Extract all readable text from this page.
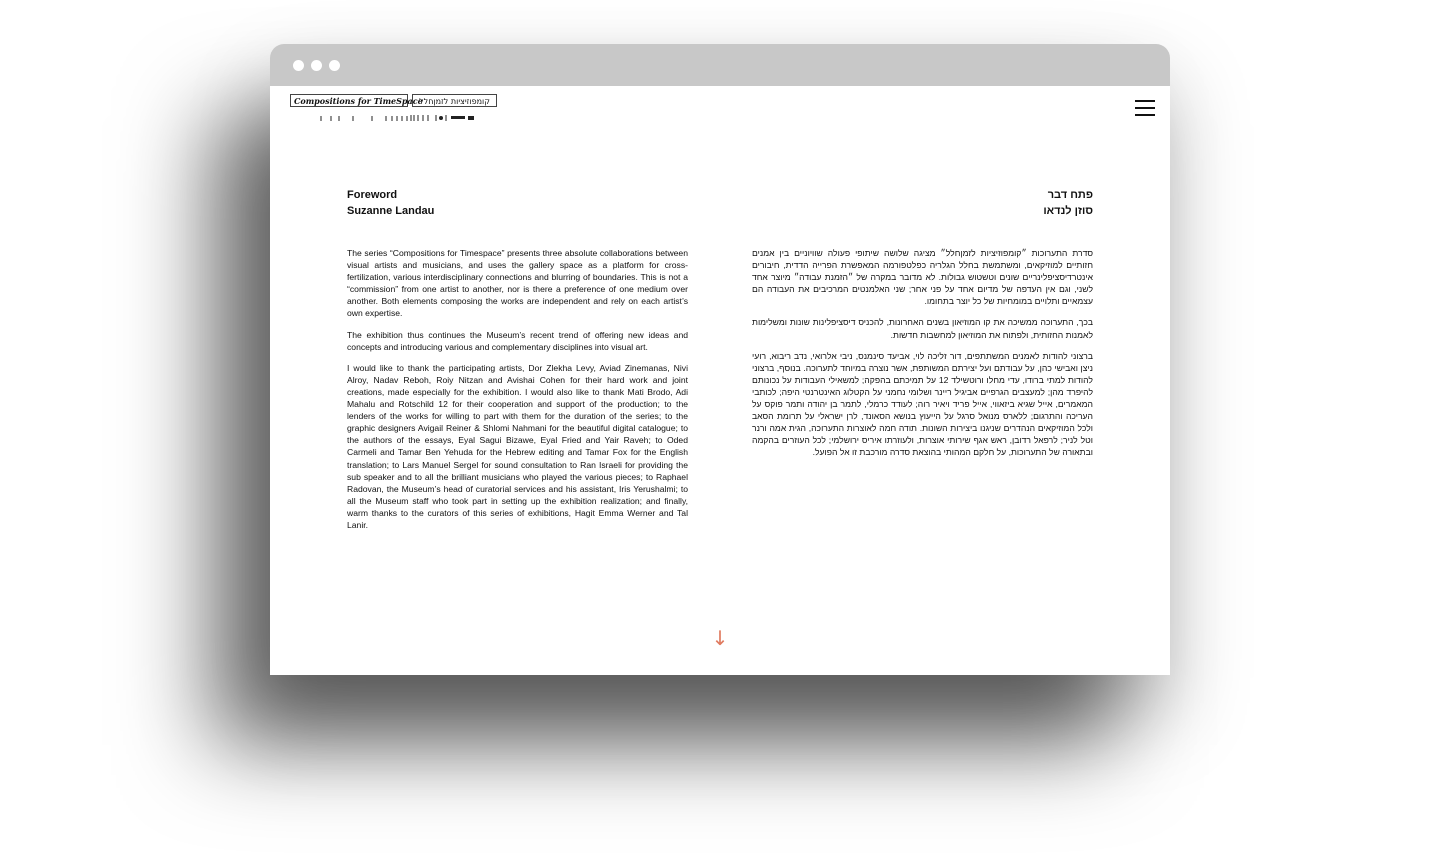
Compositions for TimeSpace
קומפוזיציות לזמןחלל
Foreword
Suzanne Landau

The series “Compositions for Timespace” presents three absolute collaborations between visual artists and musicians, and uses the gallery space as a platform for cross-fertilization, various interdisciplinary connections and blurring of boundaries. This is not a “commission” from one artist to another, nor is there a preference of one medium over another. Both elements composing the works are independent and rely on each artist’s own expertise.

The exhibition thus continues the Museum’s recent trend of offering new ideas and concepts and introducing various and complementary disciplines into visual art.

I would like to thank the participating artists, Dor Zlekha Levy, Aviad Zinemanas, Nivi Alroy, Nadav Reboh, Roiy Nitzan and Avishai Cohen for their hard work and joint creations, made especially for the exhibition. I would also like to thank Mati Brodo, Adi Mahalu and Rotschild 12 for their cooperation and support of the production; to the lenders of the works for willing to part with them for the duration of the series; to the graphic designers Avigail Reiner & Shlomi Nahmani for the beautiful digital catalogue; to the authors of the essays, Eyal Sagui Bizawe, Eyal Fried and Yair Raveh; to Oded Carmeli and Tamar Ben Yehuda for the Hebrew editing and Tamar Fox for the English translation; to Lars Manuel Sergel for sound consultation to Ran Israeli for providing the sub speaker and to all the brilliant musicians who played the various pieces; to Raphael Radovan, the Museum’s head of curatorial services and his assistant, Iris Yerushalmi; to all the Museum staff who took part in setting up the exhibition realization; and finally, warm thanks to the curators of this series of exhibitions, Hagit Emma Werner and Tal Lanir.

פתח דבר
סוזן לנדאו

סדרת התערוכות ״קומפוזיציות לזמןחלל״ מציגה שלושה שיתופי פעולה שוויוניים בין אמנים חזותיים למוזיקאים, ומשתמשת בחלל הגלריה כפלטפורמה המאפשרת הפרייה הדדית, חיבורים אינטרדיסציפלינריים שונים וטשטוש גבולות. לא מדובר במקרה של ״הזמנת עבודה״ מיוצר אחד לשני, וגם אין העדפה של מדיום אחד על פני אחר; שני האלמנטים המרכיבים את העבודה הם עצמאיים ותלויים במומחיות של כל יוצר בתחומו.

בכך, התערוכה ממשיכה את קו המוזיאון בשנים האחרונות, להכניס דיסציפלינות שונות ומשלימות לאמנות החזותית, ולפתוח את המוזיאון למחשבות חדשות.

ברצוני להודות לאמנים המשתתפים, דור זליכה לוי, אביעד סינמנס, ניבי אלרואי, נדב ריבוא, רועי ניצן ואבישי כהן, על עבודתם ועל יצירתם המשותפת, אשר נוצרה במיוחד לתערוכה. בנוסף, ברצוני להודות למתי ברודו, עדי מחלו ורוטשילד 12 על תמיכתם בהפקה; למשאילי העבודות על נכונותם להיפרד מהן; למעצבים הגרפיים אביגיל ריינר ושלומי נחמני על הקטלוג האינטרנטי היפה; לכותבי המאמרים, אייל שגיא ביזאווי, אייל פריד ויאיר רוה; לעודד כרמלי, לתמר בן יהודה ותמר פוקס על העריכה והתרגום; ללארס מנואל סרגל על הייעוץ בנושא הסאונד, לרן ישראלי על תרומת הסאב ולכל המוזיקאים הנהדרים שניגנו ביצירות השונות. תודה חמה לאוצרות התערוכה, הגית אמה ורנר וטל לניר; לרפאל רדובן, ראש אגף שירותי אוצרות, ולעוזרתו איריס ירושלמי; לכל העוזרים בהקמה ובתאורה של התערוכות, על חלקם המהותי בהוצאת סדרה מורכבת זו אל הפועל.

↓
